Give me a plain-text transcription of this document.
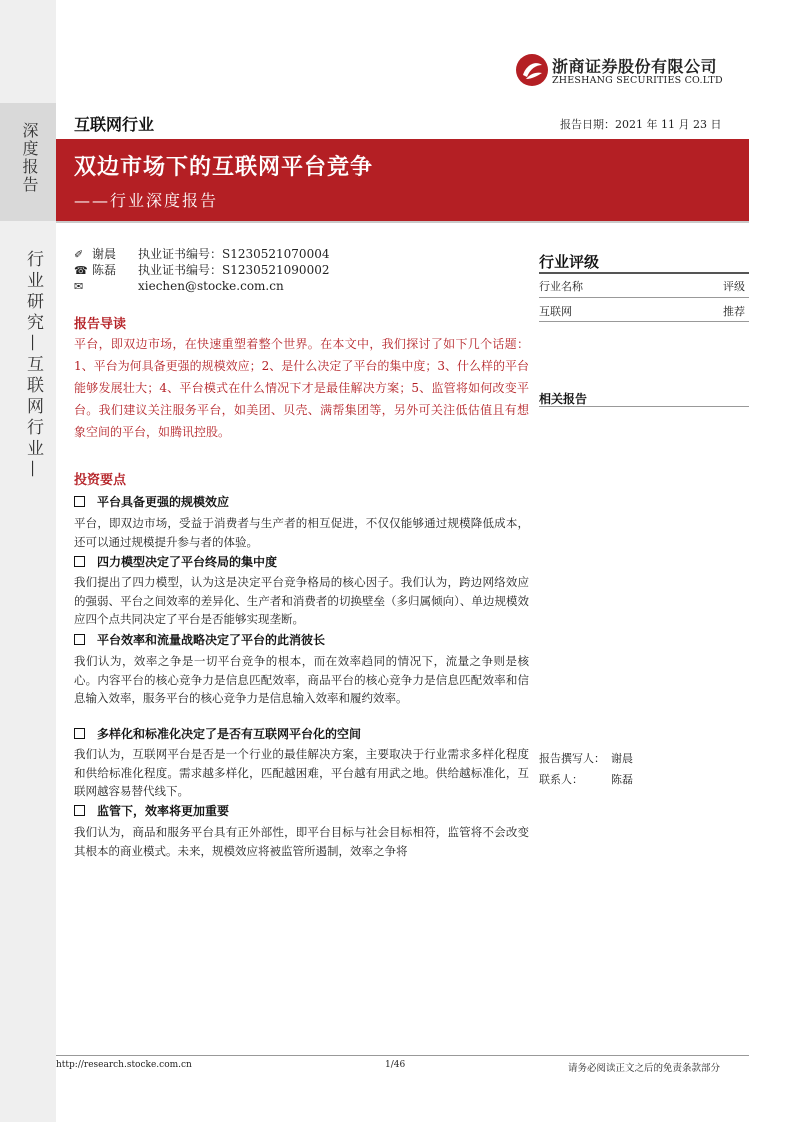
深度报告
行业研究—互联网行业—
浙商证券股份有限公司
ZHESHANG SECURITIES CO.LTD
互联网行业	报告日期：2021 年 11 月 23 日
双边市场下的互联网平台竞争
——行业深度报告
✐ 谢晨 执业证书编号：S1230521070004
☎ 陈磊 执业证书编号：S1230521090002
✉	xiechen@stocke.com.cn
报告导读
平台，即双边市场，在快速重塑着整个世界。在本文中，我们探讨了如下几个话题：1、平台为何具备更强的规模效应；2、是什么决定了平台的集中度；3、什么样的平台能够发展壮大；4、平台模式在什么情况下才是最佳解决方案；5、监管将如何改变平台。我们建议关注服务平台，如美团、贝壳、满帮集团等，另外可关注低估值且有想象空间的平台，如腾讯控股。
投资要点
平台具备更强的规模效应
平台，即双边市场，受益于消费者与生产者的相互促进，不仅仅能够通过规模降低成本，还可以通过规模提升参与者的体验。
四力模型决定了平台终局的集中度
我们提出了四力模型，认为这是决定平台竞争格局的核心因子。我们认为，跨边网络效应的强弱、平台之间效率的差异化、生产者和消费者的切换壁垒（多归属倾向）、单边规模效应四个点共同决定了平台是否能够实现垄断。
平台效率和流量战略决定了平台的此消彼长
我们认为，效率之争是一切平台竞争的根本，而在效率趋同的情况下，流量之争则是核心。内容平台的核心竞争力是信息匹配效率，商品平台的核心竞争力是信息匹配效率和信息输入效率，服务平台的核心竞争力是信息输入效率和履约效率。
多样化和标准化决定了是否有互联网平台化的空间
我们认为，互联网平台是否是一个行业的最佳解决方案，主要取决于行业需求多样化程度和供给标准化程度。需求越多样化，匹配越困难，平台越有用武之地。供给越标准化，互联网越容易替代线下。
监管下，效率将更加重要
我们认为，商品和服务平台具有正外部性，即平台目标与社会目标相符，监管将不会改变其根本的商业模式。未来，规模效应将被监管所遏制，效率之争将
行业评级
行业名称	评级
互联网	推荐
相关报告
报告撰写人： 谢晨
联系人：	陈磊
http://research.stocke.com.cn	1/46	请务必阅读正文之后的免责条款部分
